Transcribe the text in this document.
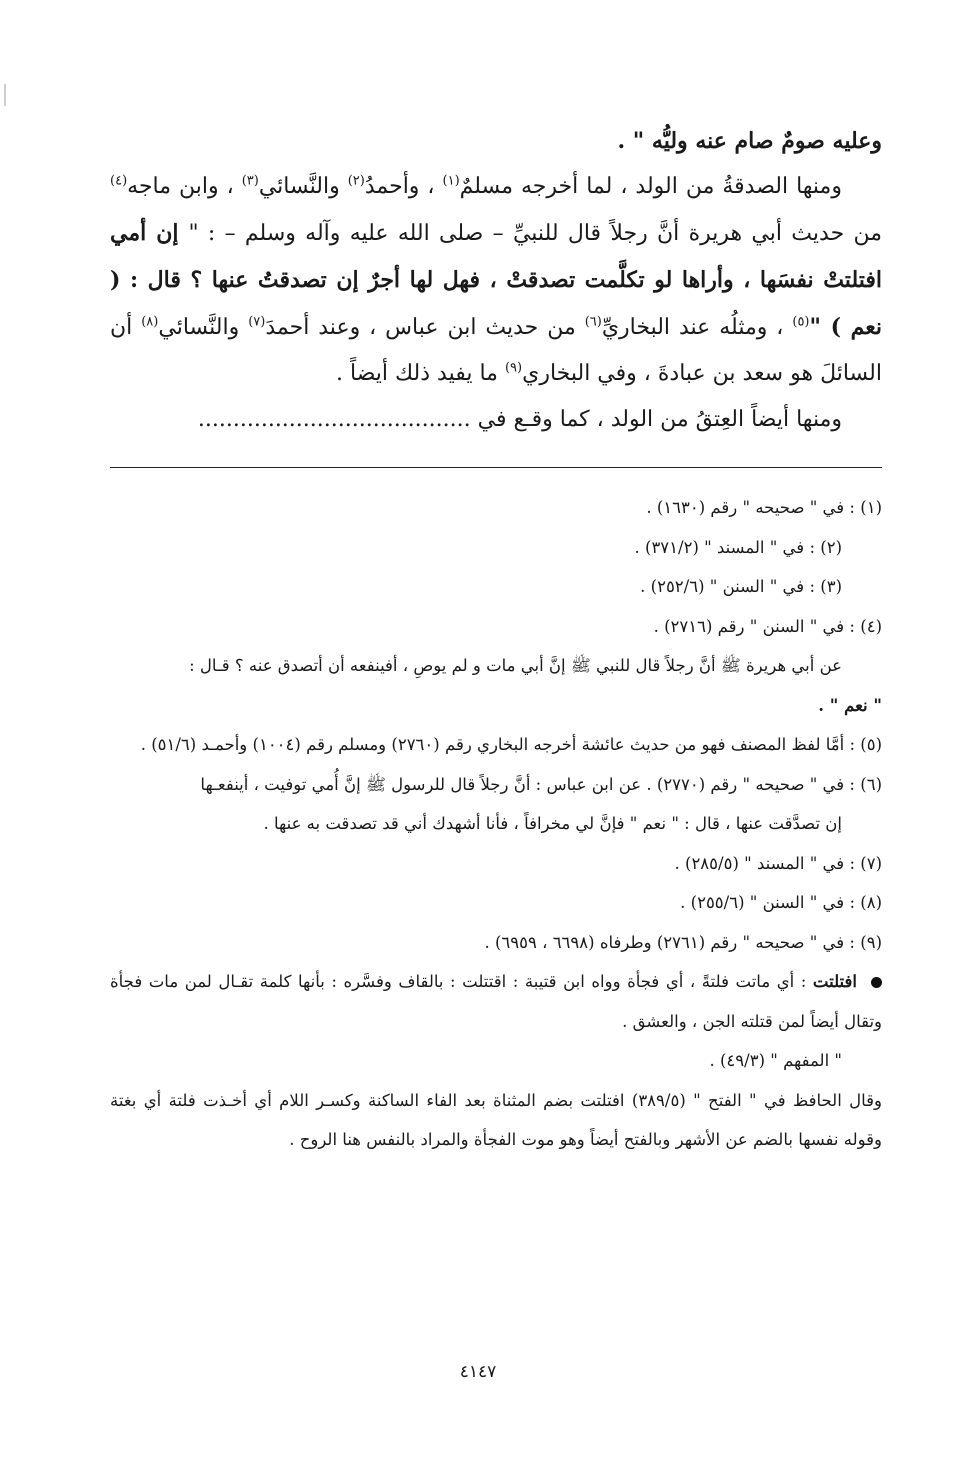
وعليه صومٌ صام عنه وليُّه " .

ومنها الصدقةُ من الولد ، لما أخرجه مسلمٌ$^{(١)}$ ، وأحمدُ$^{(٢)}$ والنَّسائي$^{(٣)}$ ، وابن ماجه$^{(٤)}$ من حديث أبي هريرة أنَّ رجلاً قال للنبيِّ – صلى الله عليه وآله وسلم – : " إن أمي افتلتتْ نفسَها ، وأراها لو تكلَّمت تصدقتْ ، فهل لها أجرٌ إن تصدقتُ عنها ؟ قال : ( نعم ) "$^{(٥)}$ ، ومثلُه عند البخاريِّ$^{(٦)}$ من حديث ابن عباس ، وعند أحمدَ$^{(٧)}$ والنَّسائي$^{(٨)}$ أن السائلَ هو سعد بن عبادةَ ، وفي البخاري$^{(٩)}$ ما يفيد ذلك أيضاً .

ومنها أيضاً العِتقُ من الولد ، كما وقـع في .......................................

(١) : في " صحيحه " رقم (١٦٣٠) .

(٢) : في " المسند " (٣٧١/٢) .

(٣) : في " السنن " (٢٥٢/٦) .

(٤) : في " السنن " رقم (٢٧١٦) .

عن أبي هريرة ﷺ أنَّ رجلاً قال للنبي ﷺ إنَّ أبي مات و لم يوصِ ، أفينفعه أن أتصدق عنه ؟ قـال :

" نعم " .

(٥) : أمَّا لفظ المصنف فهو من حديث عائشة أخرجه البخاري رقم (٢٧٦٠) ومسلم رقم (١٠٠٤) وأحمـد (٥١/٦) .

(٦) : في " صحيحه " رقم (٢٧٧٠) . عن ابن عباس : أنَّ رجلاً قال للرسول ﷺ إنَّ أُمي توفيت ، أينفعـها

إن تصدَّقت عنها ، قال : " نعم " فإنَّ لي مخرافاً ، فأنا أشهدك أني قد تصدقت به عنها .

(٧) : في " المسند " (٢٨٥/٥) .

(٨) : في " السنن " (٢٥٥/٦) .

(٩) : في " صحيحه " رقم (٢٧٦١) وطرفاه (٦٦٩٨ ، ٦٩٥٩) .

افتلتت : أي ماتت فلتةً ، أي فجأة وواه ابن قتيبة : اقتتلت : بالقاف وفسَّره : بأنها كلمة تقـال لمن مات فجأة وتقال أيضاً لمن قتلته الجن ، والعشق .

" المفهم " (٤٩/٣) .

وقال الحافظ في " الفتح " (٣٨٩/٥) افتلتت بضم المثناة بعد الفاء الساكنة وكسـر اللام أي أخـذت فلتة أي بغتة وقوله نفسها بالضم عن الأشهر وبالفتح أيضاً وهو موت الفجأة والمراد بالنفس هنا الروح .

٤١٤٧
